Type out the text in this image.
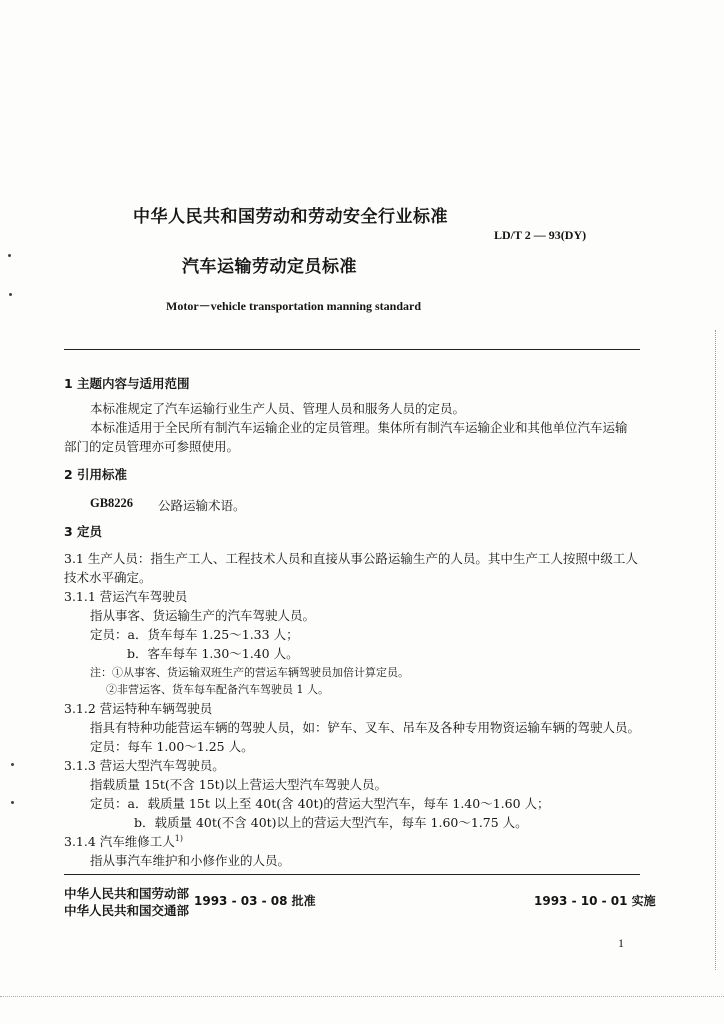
中华人民共和国劳动和劳动安全行业标准
LD/T 2 — 93(DY)
汽车运输劳动定员标准
Motor－vehicle transportation manning standard
1 主题内容与适用范围
本标准规定了汽车运输行业生产人员、管理人员和服务人员的定员。
本标准适用于全民所有制汽车运输企业的定员管理。集体所有制汽车运输企业和其他单位汽车运输
部门的定员管理亦可参照使用。
2 引用标准
GB8226 公路运输术语。
3 定员
3.1 生产人员：指生产工人、工程技术人员和直接从事公路运输生产的人员。其中生产工人按照中级工人
技术水平确定。
3.1.1 营运汽车驾驶员
指从事客、货运输生产的汽车驾驶人员。
定员：a．货车每车 1.25～1.33 人；
b．客车每车 1.30～1.40 人。
注：①从事客、货运输双班生产的营运车辆驾驶员加倍计算定员。
②非营运客、货车每车配备汽车驾驶员 1 人。
3.1.2 营运特种车辆驾驶员
指具有特种功能营运车辆的驾驶人员，如：铲车、叉车、吊车及各种专用物资运输车辆的驾驶人员。
定员：每车 1.00～1.25 人。
3.1.3 营运大型汽车驾驶员。
指载质量 15t(不含 15t)以上营运大型汽车驾驶人员。
定员：a．载质量 15t 以上至 40t(含 40t)的营运大型汽车，每车 1.40～1.60 人；
b．载质量 40t(不含 40t)以上的营运大型汽车，每车 1.60～1.75 人。
3.1.4 汽车维修工人$^{1)}$
指从事汽车维护和小修作业的人员。
中华人民共和国劳动部
中华人民共和国交通部
1993 - 03 - 08 批准	1993 - 10 - 01 实施
1
